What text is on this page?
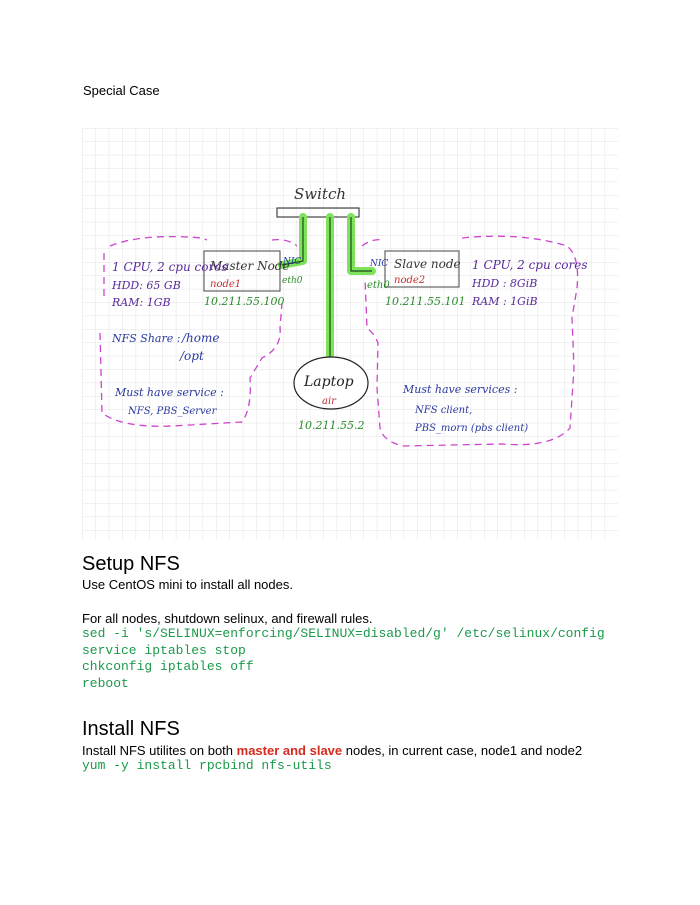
Special Case
Switch
Master Node
node1
NIC
eth0
10.211.55.100
1 CPU, 2 cpu cores
HDD: 65 GB
RAM: 1GB
NFS Share : /home
/opt
Must have service :
NFS, PBS_Server
Slave node
node2
NIC
eth0
10.211.55.101
1 CPU, 2 cpu cores
HDD : 8GiB
RAM : 1GiB
Must have services :
NFS client,
PBS_morn (pbs client)
Laptop
air
10.211.55.2
Setup NFS
Use CentOS mini to install all nodes.
For all nodes, shutdown selinux, and firewall rules.
sed -i 's/SELINUX=enforcing/SELINUX=disabled/g' /etc/selinux/config
service iptables stop
chkconfig iptables off
reboot
Install NFS
Install NFS utilites on both master and slave nodes, in current case, node1 and node2
yum -y install rpcbind nfs-utils
